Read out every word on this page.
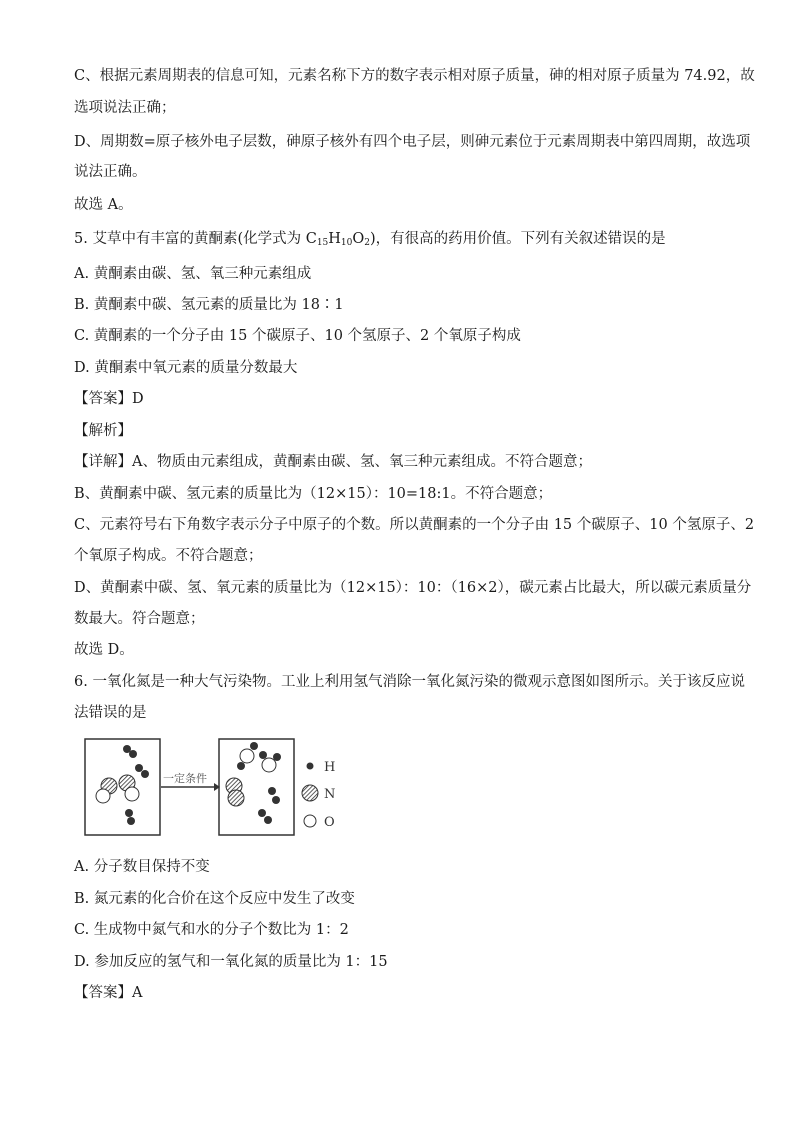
C、根据元素周期表的信息可知，元素名称下方的数字表示相对原子质量，砷的相对原子质量为 74.92，故
选项说法正确；
D、周期数=原子核外电子层数，砷原子核外有四个电子层，则砷元素位于元素周期表中第四周期，故选项
说法正确。
故选 A。
5. 艾草中有丰富的黄酮素(化学式为 $C_{15}H_{10}O_2$)，有很高的药用价值。下列有关叙述错误的是
A. 黄酮素由碳、氢、氧三种元素组成
B. 黄酮素中碳、氢元素的质量比为 18∶1
C. 黄酮素的一个分子由 15 个碳原子、10 个氢原子、2 个氧原子构成
D. 黄酮素中氧元素的质量分数最大
【答案】D
【解析】
【详解】A、物质由元素组成，黄酮素由碳、氢、氧三种元素组成。不符合题意；
B、黄酮素中碳、氢元素的质量比为（12×15）：10=18:1。不符合题意；
C、元素符号右下角数字表示分子中原子的个数。所以黄酮素的一个分子由 15 个碳原子、10 个氢原子、2
个氧原子构成。不符合题意；
D、黄酮素中碳、氢、氧元素的质量比为（12×15）：10：（16×2），碳元素占比最大，所以碳元素质量分
数最大。符合题意；
故选 D。
6. 一氧化氮是一种大气污染物。工业上利用氢气消除一氧化氮污染的微观示意图如图所示。关于该反应说
法错误的是
一定条件
H
N
O
A. 分子数目保持不变
B. 氮元素的化合价在这个反应中发生了改变
C. 生成物中氮气和水的分子个数比为 1：2
D. 参加反应的氢气和一氧化氮的质量比为 1：15
【答案】A
